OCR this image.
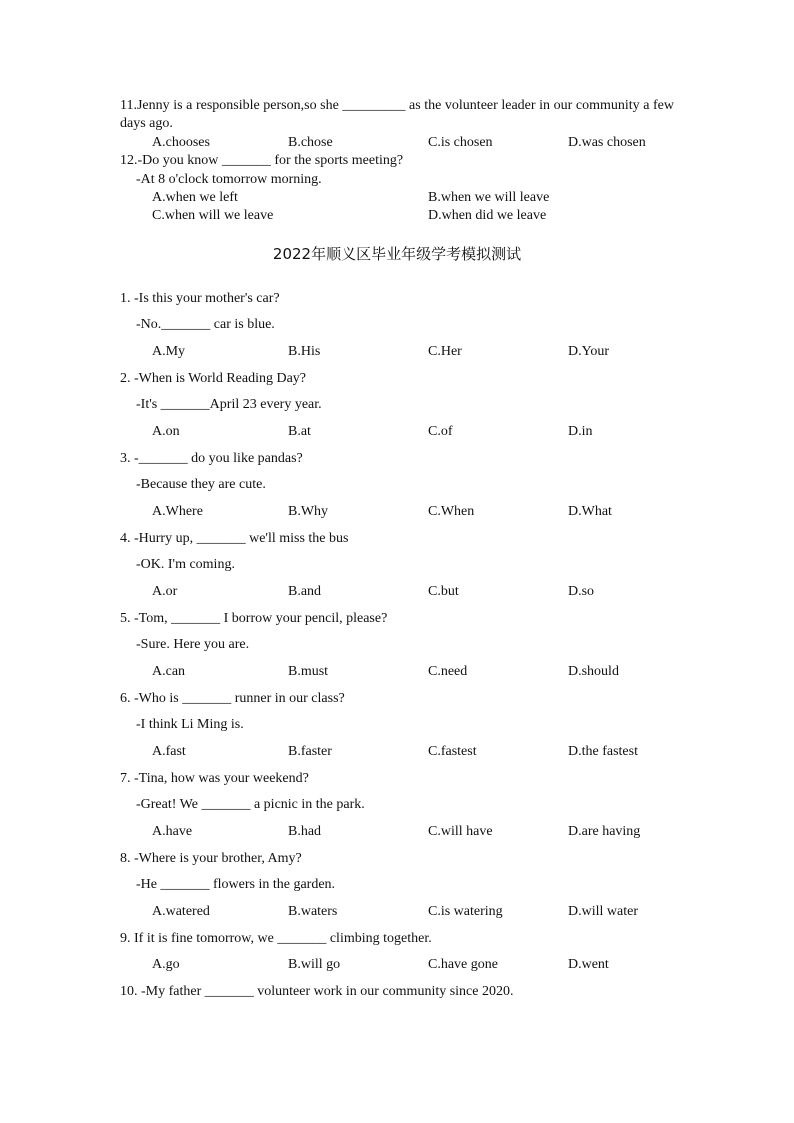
11.Jenny is a responsible person,so she _________ as the volunteer leader in our community a few days ago.
A.chooses	B.chose	C.is chosen	D.was chosen
12.-Do you know _______ for the sports meeting?
-At 8 o'clock tomorrow morning.
A.when we left	B.when we will leave
C.when will we leave	D.when did we leave
2022年顺义区毕业年级学考模拟测试
1. -Is this your mother's car?
-No._______ car is blue.
A.My	B.His	C.Her	D.Your
2. -When is World Reading Day?
-It's _______April 23 every year.
A.on	B.at	C.of	D.in
3. -_______ do you like pandas?
-Because they are cute.
A.Where	B.Why	C.When	D.What
4. -Hurry up, _______ we'll miss the bus
-OK. I'm coming.
A.or	B.and	C.but	D.so
5. -Tom, _______ I borrow your pencil, please?
-Sure. Here you are.
A.can	B.must	C.need	D.should
6. -Who is _______ runner in our class?
-I think Li Ming is.
A.fast	B.faster	C.fastest	D.the fastest
7. -Tina, how was your weekend?
-Great! We _______ a picnic in the park.
A.have	B.had	C.will have	D.are having
8. -Where is your brother, Amy?
-He _______ flowers in the garden.
A.watered	B.waters	C.is watering	D.will water
9. If it is fine tomorrow, we _______ climbing together.
A.go	B.will go	C.have gone	D.went
10. -My father _______ volunteer work in our community since 2020.
